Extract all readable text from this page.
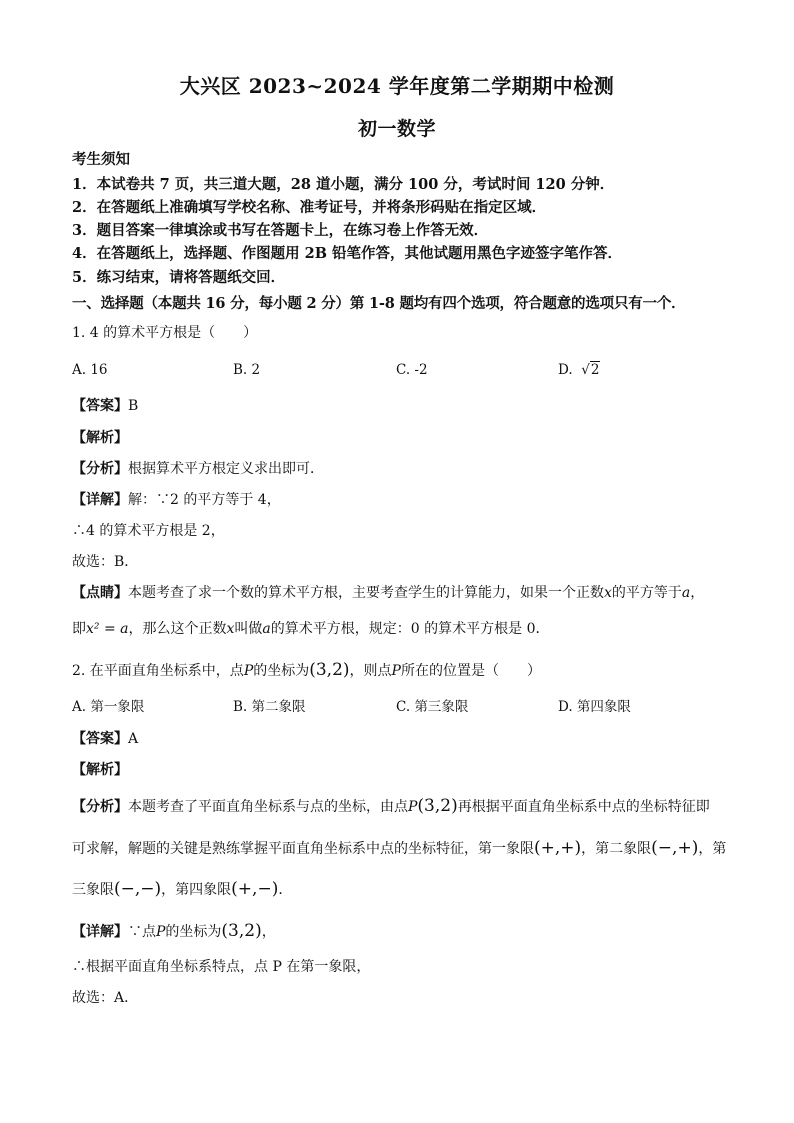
大兴区 2023~2024 学年度第二学期期中检测
初一数学
考生须知
1．本试卷共 7 页，共三道大题，28 道小题，满分 100 分，考试时间 120 分钟．
2．在答题纸上准确填写学校名称、准考证号，并将条形码贴在指定区域．
3．题目答案一律填涂或书写在答题卡上，在练习卷上作答无效．
4．在答题纸上，选择题、作图题用 2B 铅笔作答，其他试题用黑色字迹签字笔作答．
5．练习结束，请将答题纸交回．
一、选择题（本题共 16 分，每小题 2 分）第 1-8 题均有四个选项，符合题意的选项只有一个．
1. 4 的算术平方根是（　　）
A. 16	B. 2	C. -2	D. √2
【答案】B
【解析】
【分析】根据算术平方根定义求出即可．
【详解】解：∵2 的平方等于 4，
∴4 的算术平方根是 2，
故选：B．
【点睛】本题考查了求一个数的算术平方根，主要考查学生的计算能力，如果一个正数x的平方等于a，
即x² = a，那么这个正数x叫做a的算术平方根，规定：0 的算术平方根是 0．
2. 在平面直角坐标系中，点P的坐标为(3,2)，则点P所在的位置是（　　）
A. 第一象限	B. 第二象限	C. 第三象限	D. 第四象限
【答案】A
【解析】
【分析】本题考查了平面直角坐标系与点的坐标，由点P(3,2)再根据平面直角坐标系中点的坐标特征即
可求解，解题的关键是熟练掌握平面直角坐标系中点的坐标特征，第一象限(+,+)，第二象限(−,+)，第
三象限(−,−)，第四象限(+,−)．
【详解】∵点P的坐标为(3,2)，
∴根据平面直角坐标系特点，点 P 在第一象限，
故选：A．
